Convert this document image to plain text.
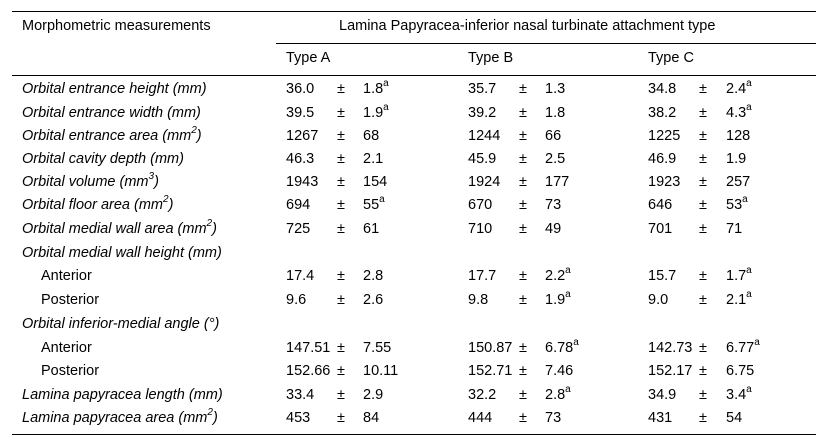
Morphometric measurements	Lamina Papyracea-inferior nasal turbinate attachment type
Type A	Type B	Type C
Orbital entrance height (mm)	36.0 ± 1.8$^a$	35.7 ± 1.3	34.8 ± 2.4$^a$
Orbital entrance width (mm)	39.5 ± 1.9$^a$	39.2 ± 1.8	38.2 ± 4.3$^a$
Orbital entrance area $(mm^2)$	1267 ± 68	1244 ± 66	1225 ± 128
Orbital cavity depth (mm)	46.3 ± 2.1	45.9 ± 2.5	46.9 ± 1.9
Orbital volume $(mm^3)$	1943 ± 154	1924 ± 177	1923 ± 257
Orbital floor area $(mm^2)$	$694 \pm 55^a$	670 ± 73	$646 \pm 53^a$
Orbital medial wall area $(mm^2)$	725 ± 61	710 ± 49	701 ± 71
Orbital medial wall height (mm)
Anterior	17.4 ± 2.8	17.7 ± 2.2$^a$	15.7 ± 1.7$^a$
Posterior	9.6 ± 2.6	9.8 ± 1.9$^a$	9.0 ± 2.1$^a$
Orbital inferior-medial angle (°)
Anterior	147.51 ± 7.55	150.87 ± 6.78$^a$	142.73 ± 6.77$^a$
Posterior	152.66 ± 10.11	152.71 ± 7.46	152.17 ± 6.75
Lamina papyracea length (mm)	33.4 ± 2.9	32.2 ± 2.8$^a$	34.9 ± 3.4$^a$
Lamina papyracea area $(mm^2)$	453 ± 84	444 ± 73	431 ± 54
